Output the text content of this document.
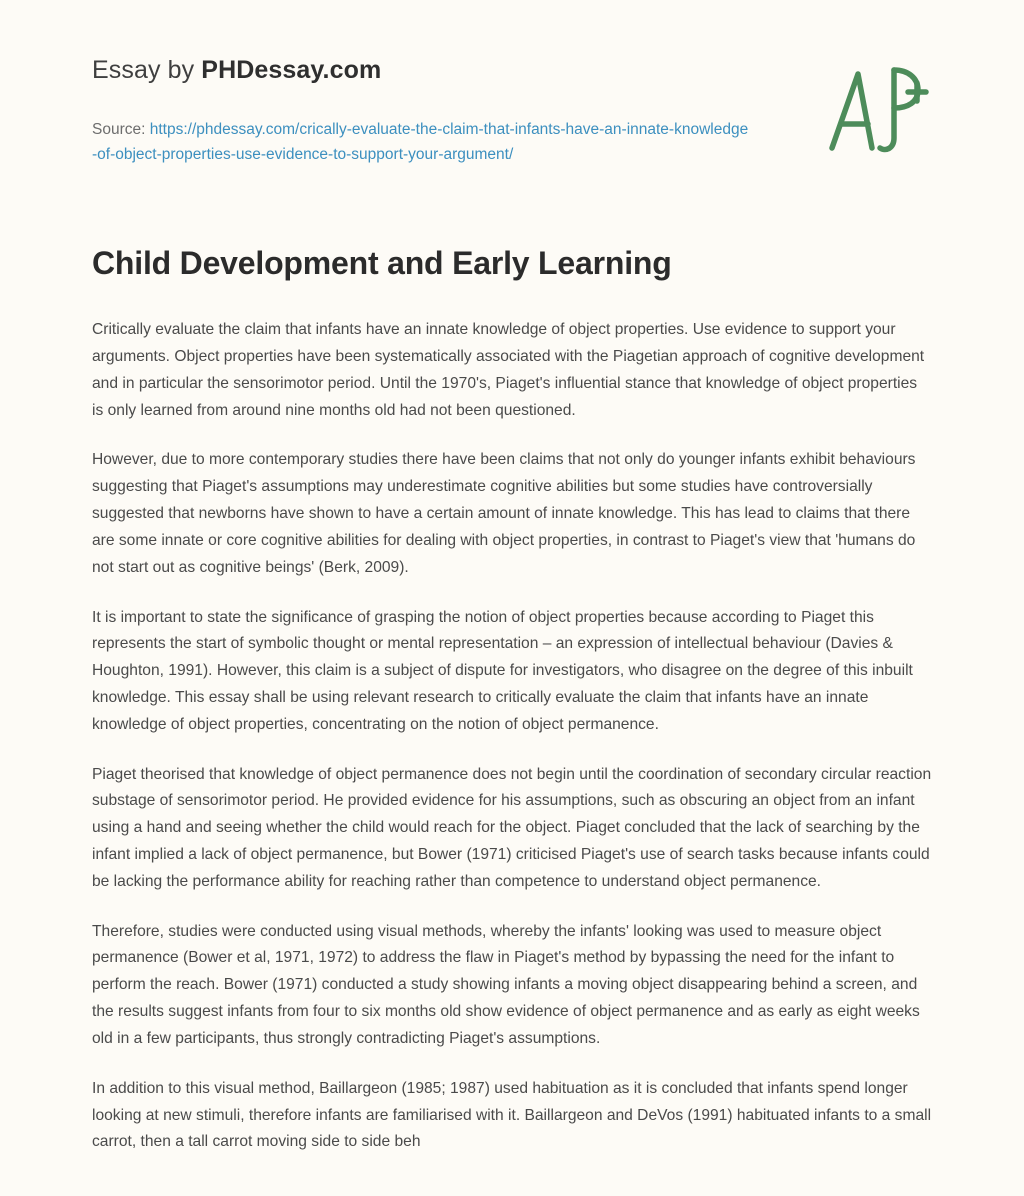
Essay by PHDessay.com
Source: https://phdessay.com/crically-evaluate-the-claim-that-infants-have-an-innate-knowledge-of-object-properties-use-evidence-to-support-your-argument/
Child Development and Early Learning

Critically evaluate the claim that infants have an innate knowledge of object properties. Use evidence to support your arguments. Object properties have been systematically associated with the Piagetian approach of cognitive development and in particular the sensorimotor period. Until the 1970's, Piaget's influential stance that knowledge of object properties is only learned from around nine months old had not been questioned.

However, due to more contemporary studies there have been claims that not only do younger infants exhibit behaviours suggesting that Piaget's assumptions may underestimate cognitive abilities but some studies have controversially suggested that newborns have shown to have a certain amount of innate knowledge. This has lead to claims that there are some innate or core cognitive abilities for dealing with object properties, in contrast to Piaget's view that 'humans do not start out as cognitive beings' (Berk, 2009).

It is important to state the significance of grasping the notion of object properties because according to Piaget this represents the start of symbolic thought or mental representation – an expression of intellectual behaviour (Davies & Houghton, 1991). However, this claim is a subject of dispute for investigators, who disagree on the degree of this inbuilt knowledge. This essay shall be using relevant research to critically evaluate the claim that infants have an innate knowledge of object properties, concentrating on the notion of object permanence.

Piaget theorised that knowledge of object permanence does not begin until the coordination of secondary circular reaction substage of sensorimotor period. He provided evidence for his assumptions, such as obscuring an object from an infant using a hand and seeing whether the child would reach for the object. Piaget concluded that the lack of searching by the infant implied a lack of object permanence, but Bower (1971) criticised Piaget's use of search tasks because infants could be lacking the performance ability for reaching rather than competence to understand object permanence.

Therefore, studies were conducted using visual methods, whereby the infants' looking was used to measure object permanence (Bower et al, 1971, 1972) to address the flaw in Piaget's method by bypassing the need for the infant to perform the reach. Bower (1971) conducted a study showing infants a moving object disappearing behind a screen, and the results suggest infants from four to six months old show evidence of object permanence and as early as eight weeks old in a few participants, thus strongly contradicting Piaget's assumptions.

In addition to this visual method, Baillargeon (1985; 1987) used habituation as it is concluded that infants spend longer looking at new stimuli, therefore infants are familiarised with it. Baillargeon and DeVos (1991) habituated infants to a small carrot, then a tall carrot moving side to side beh
